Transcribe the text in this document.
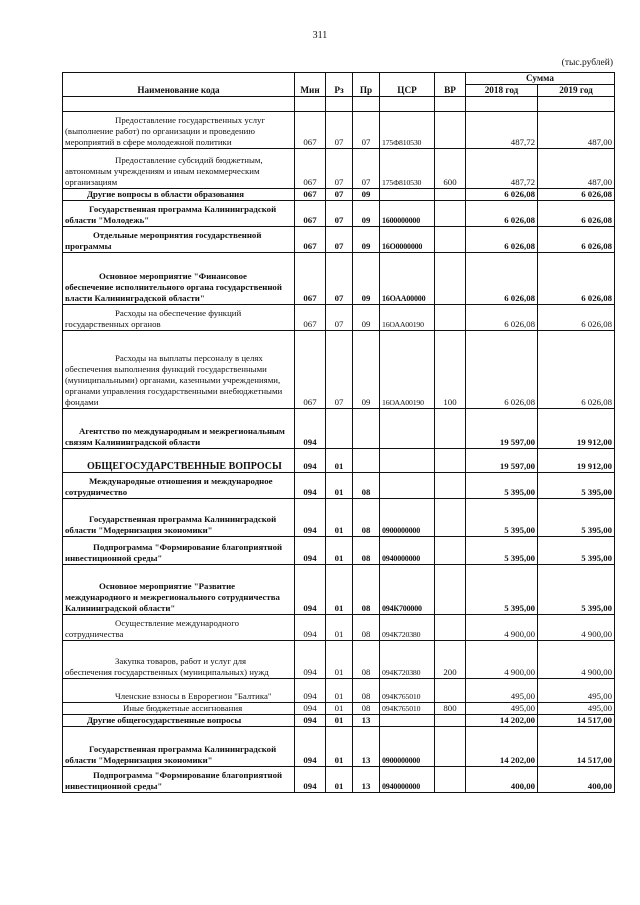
311
(тыс.рублей)
Наименование кода	Мин	Рз	Пр	ЦСР	ВР	Сумма	
						2018 год	2019 год

Предоставление государственных услуг (выполнение работ) по организации и проведению мероприятий в сфере молодежной политики	067	07	07	175Ф810530		487,72	487,00
Предоставление субсидий бюджетным, автономным учреждениям и иным некоммерческим организациям	067	07	07	175Ф810530	600	487,72	487,00
Другие вопросы в области образования	067	07	09			6 026,08	6 026,08
Государственная программа Калининградской области "Молодежь"	067	07	09	1600000000		6 026,08	6 026,08
Отдельные мероприятия государственной программы	067	07	09	16О0000000		6 026,08	6 026,08
Основное мероприятие "Финансовое обеспечение исполнительного органа государственной власти Калининградской области"	067	07	09	16ОАА00000		6 026,08	6 026,08
Расходы на обеспечение функций государственных органов	067	07	09	16ОАА00190		6 026,08	6 026,08
Расходы на выплаты персоналу в целях обеспечения выполнения функций государственными (муниципальными) органами, казенными учреждениями, органами управления государственными внебюджетными фондами	067	07	09	16ОАА00190	100	6 026,08	6 026,08
Агентство по международным и межрегиональным связям Калининградской области	094					19 597,00	19 912,00
ОБЩЕГОСУДАРСТВЕННЫЕ ВОПРОСЫ	094	01				19 597,00	19 912,00
Международные отношения и международное сотрудничество	094	01	08			5 395,00	5 395,00
Государственная программа Калининградской области "Модернизация экономики"	094	01	08	0900000000		5 395,00	5 395,00
Подпрограмма "Формирование благоприятной инвестиционной среды"	094	01	08	0940000000		5 395,00	5 395,00
Основное мероприятие "Развитие международного и межрегионального сотрудничества Калининградской области"	094	01	08	094К700000		5 395,00	5 395,00
Осуществление международного сотрудничества	094	01	08	094К720380		4 900,00	4 900,00
Закупка товаров, работ и услуг для обеспечения государственных (муниципальных) нужд	094	01	08	094К720380	200	4 900,00	4 900,00
Членские взносы в Еврорегион "Балтика"	094	01	08	094К765010		495,00	495,00
Иные бюджетные ассигнования	094	01	08	094К765010	800	495,00	495,00
Другие общегосударственные вопросы	094	01	13			14 202,00	14 517,00
Государственная программа Калининградской области "Модернизация экономики"	094	01	13	0900000000		14 202,00	14 517,00
Подпрограмма "Формирование благоприятной инвестиционной среды"	094	01	13	0940000000		400,00	400,00
